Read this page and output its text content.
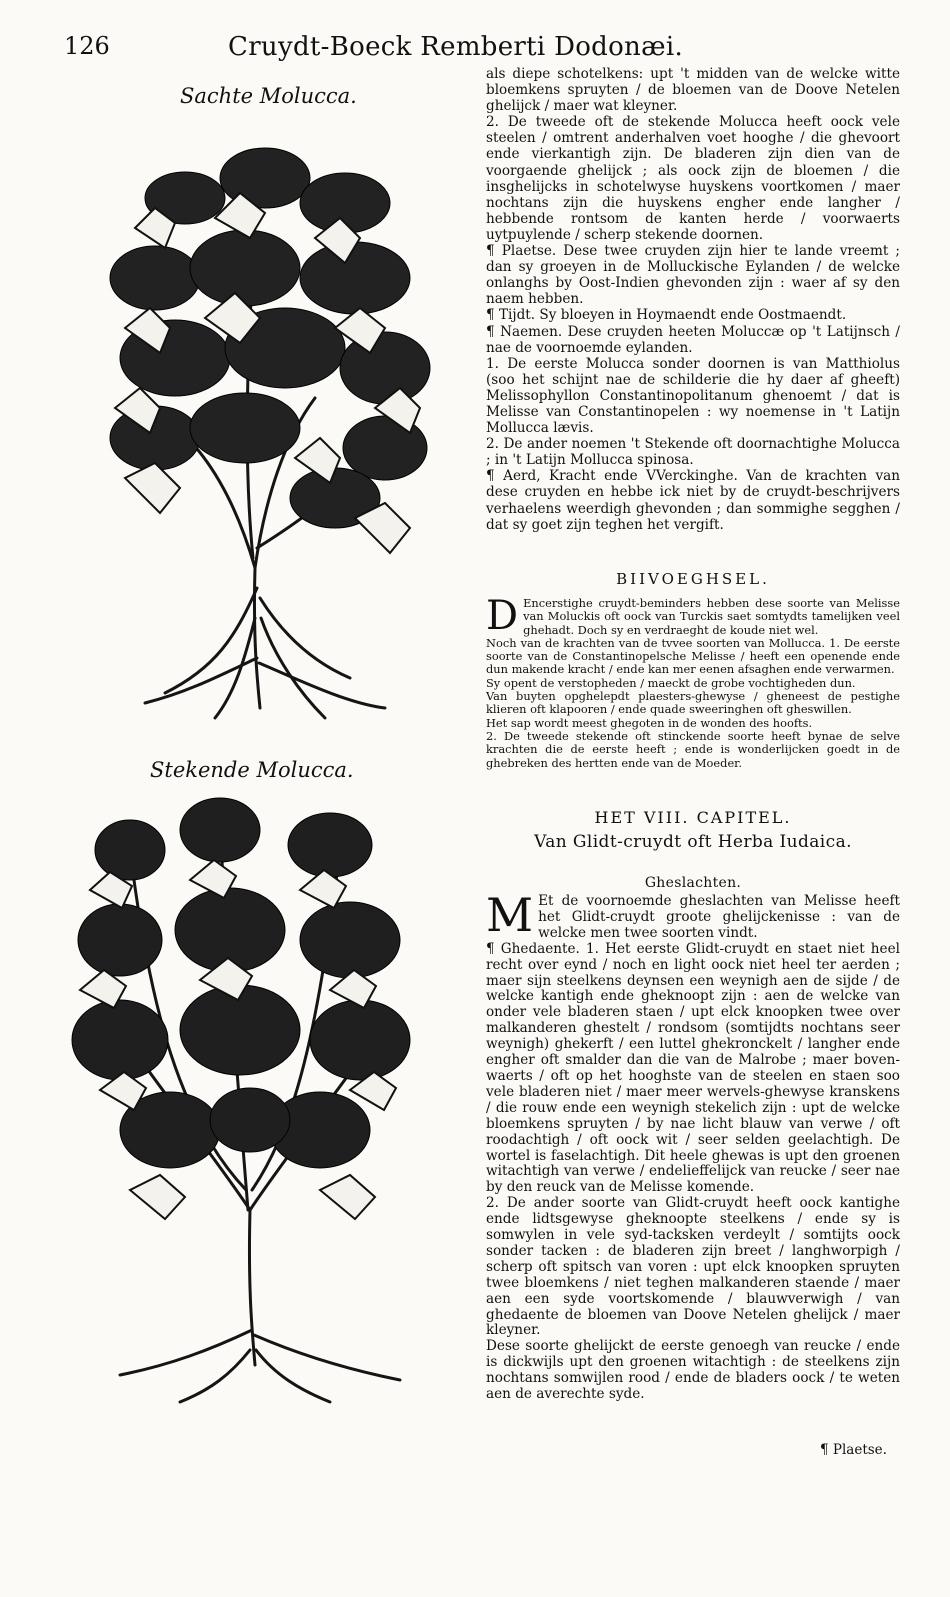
126	Cruydt-Boeck Remberti Dodonæi.
Sachte Molucca.
Stekende Molucca.

als diepe schotelkens: upt 't midden van de welcke witte bloemkens spruyten / de bloemen van de Doove Netelen ghelijck / maer wat kleyner.

2. De tweede oft de stekende Molucca heeft oock vele steelen / omtrent anderhalven voet hooghe / die ghevoort ende vierkantigh zijn. De bladeren zijn dien van de voorgaende ghelijck ; als oock zijn de bloemen / die insghelijcks in schotelwyse huyskens voortkomen / maer nochtans zijn die huyskens engher ende langher / hebbende rontsom de kanten herde / voorwaerts uytpuylende / scherp stekende doornen.

¶ Plaetse. Dese twee cruyden zijn hier te lande vreemt ; dan sy groeyen in de Molluckische Eylanden / de welcke onlanghs by Oost-Indien ghevonden zijn : waer af sy den naem hebben.

¶ Tijdt. Sy bloeyen in Hoymaendt ende Oostmaendt.

¶ Naemen. Dese cruyden heeten Moluccæ op 't Latijnsch / nae de voornoemde eylanden.

1. De eerste Molucca sonder doornen is van Matthiolus (soo het schijnt nae de schilderie die hy daer af gheeft) Melissophyllon Constantinopolitanum ghenoemt / dat is Melisse van Constantinopelen : wy noemense in 't Latijn Mollucca lævis.

2. De ander noemen 't Stekende oft doornachtighe Molucca ; in 't Latijn Mollucca spinosa.

¶ Aerd, Kracht ende VVerckinghe. Van de krachten van dese cruyden en hebbe ick niet by de cruydt-beschrijvers verhaelens weerdigh ghevonden ; dan sommighe segghen / dat sy goet zijn teghen het vergift.

BIIVOEGHSEL.
D Encerstighe cruydt-beminders hebben dese soorte van Melisse van Moluckis oft oock van Turckis saet somtydts tamelijken veel ghehadt. Doch sy en verdraeght de koude niet wel.

Noch van de krachten van de tvvee soorten van Mollucca. 1. De eerste soorte van de Constantinopelsche Melisse / heeft een openende ende dun makende kracht / ende kan mer eenen afsaghen ende verwarmen.

Sy opent de verstopheden / maeckt de grobe vochtigheden dun.

Van buyten opghelepdt plaesters-ghewyse / gheneest de pestighe klieren oft klapooren / ende quade sweeringhen oft gheswillen.

Het sap wordt meest ghegoten in de wonden des hoofts.

2. De tweede stekende oft stinckende soorte heeft bynae de selve krachten die de eerste heeft ; ende is wonderlijcken goedt in de ghebreken des hertten ende van de Moeder.

HET VIII. CAPITEL.
Van Glidt-cruydt oft Herba Iudaica.
Gheslachten.
M Et de voornoemde gheslachten van Melisse heeft het Glidt-cruydt groote ghelijckenisse : van de welcke men twee soorten vindt.

¶ Ghedaente. 1. Het eerste Glidt-cruydt en staet niet heel recht over eynd / noch en light oock niet heel ter aerden ; maer sijn steelkens deynsen een weynigh aen de sijde / de welcke kantigh ende gheknoopt zijn : aen de welcke van onder vele bladeren staen / upt elck knoopken twee over malkanderen ghestelt / rondsom (somtijdts nochtans seer weynigh) ghekerft / een luttel ghekronckelt / langher ende engher oft smalder dan die van de Malrobe ; maer boven-waerts / oft op het hooghste van de steelen en staen soo vele bladeren niet / maer meer wervels-ghewyse kranskens / die rouw ende een weynigh stekelich zijn : upt de welcke bloemkens spruyten / by nae licht blauw van verwe / oft roodachtigh / oft oock wit / seer selden geelachtigh. De wortel is faselachtigh. Dit heele ghewas is upt den groenen witachtigh van verwe / endelieffelijck van reucke / seer nae by den reuck van de Melisse komende.

2. De ander soorte van Glidt-cruydt heeft oock kantighe ende lidtsgewyse gheknoopte steelkens / ende sy is somwylen in vele syd-tacksken verdeylt / somtijts oock sonder tacken : de bladeren zijn breet / langhworpigh / scherp oft spitsch van voren : upt elck knoopken spruyten twee bloemkens / niet teghen malkanderen staende / maer aen een syde voortskomende / blauwverwigh / van ghedaente de bloemen van Doove Netelen ghelijck / maer kleyner.

Dese soorte ghelijckt de eerste genoegh van reucke / ende is dickwijls upt den groenen witachtigh : de steelkens zijn nochtans somwijlen rood / ende de bladers oock / te weten aen de averechte syde.

¶ Plaetse.
